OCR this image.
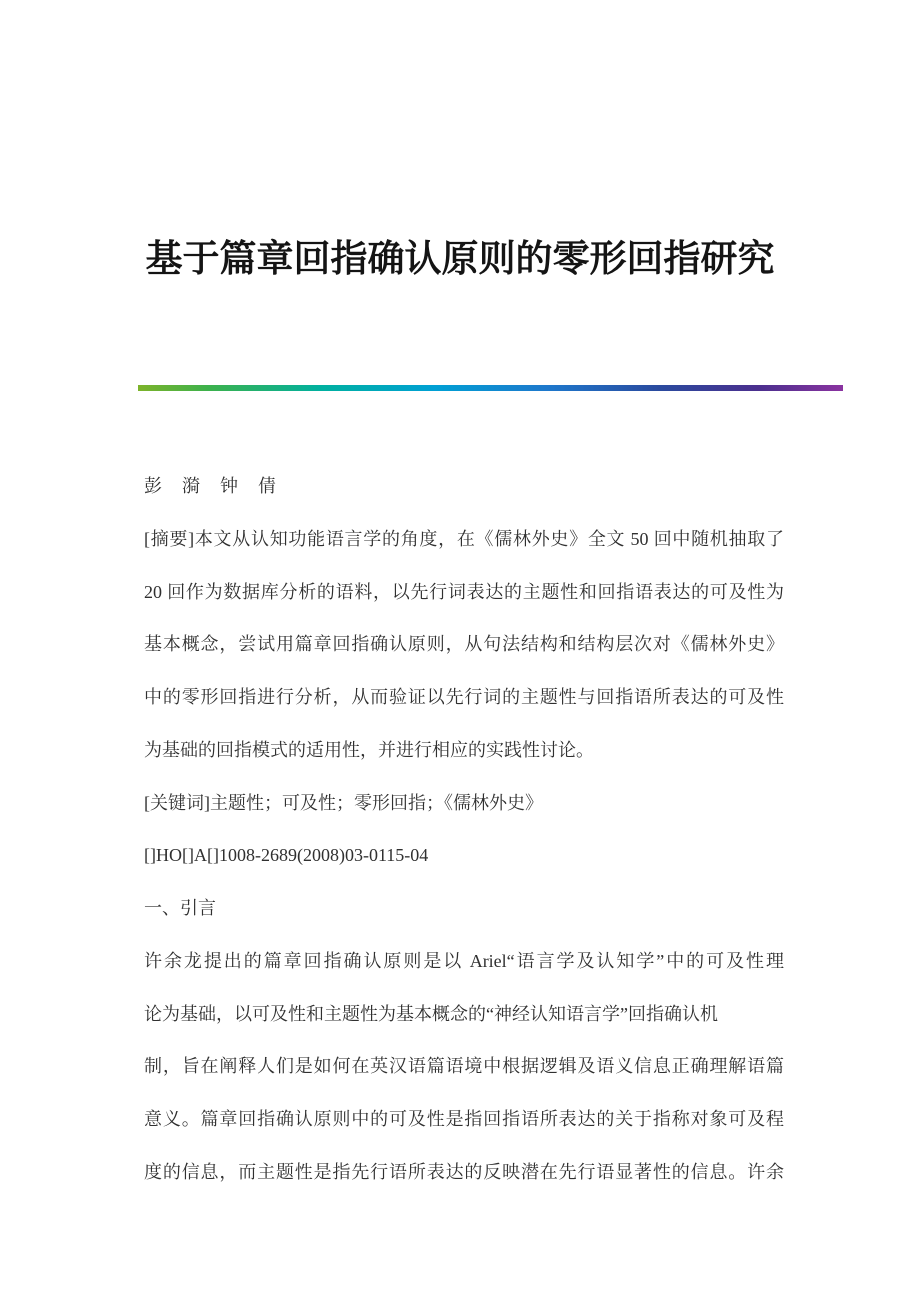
基于篇章回指确认原则的零形回指研究
彭　漪　钟　倩
[摘要]本文从认知功能语言学的角度，在《儒林外史》全文 50 回中随机抽取了
20 回作为数据库分析的语料，以先行词表达的主题性和回指语表达的可及性为
基本概念，尝试用篇章回指确认原则，从句法结构和结构层次对《儒林外史》
中的零形回指进行分析，从而验证以先行词的主题性与回指语所表达的可及性
为基础的回指模式的适用性，并进行相应的实践性讨论。
[关键词]主题性；可及性；零形回指；《儒林外史》
[]HO[]A[]1008-2689(2008)03-0115-04
一、引言
许余龙提出的篇章回指确认原则是以 Ariel“语言学及认知学”中的可及性理
论为基础，以可及性和主题性为基本概念的“神经认知语言学”回指确认机
制，旨在阐释人们是如何在英汉语篇语境中根据逻辑及语义信息正确理解语篇
意义。篇章回指确认原则中的可及性是指回指语所表达的关于指称对象可及程
度的信息，而主题性是指先行语所表达的反映潜在先行语显著性的信息。许余
